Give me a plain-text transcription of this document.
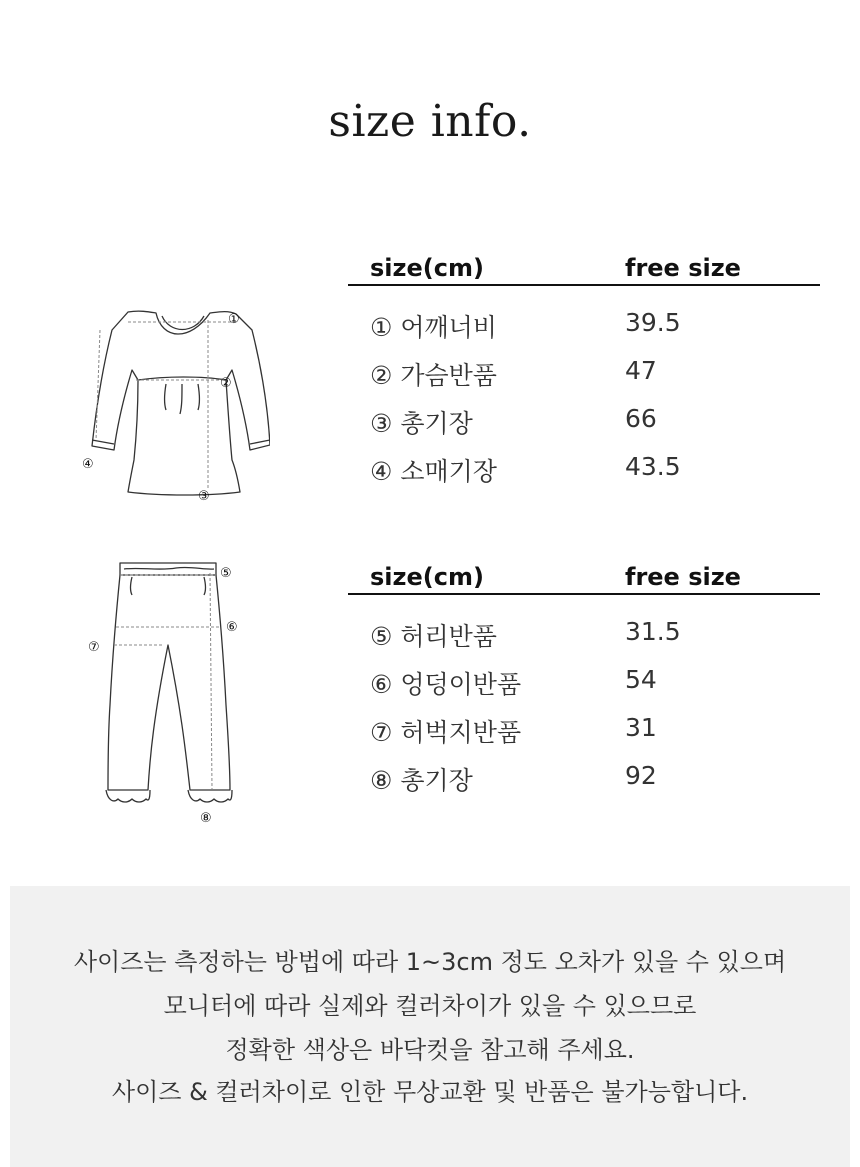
size info.
①
②
③
④
size(cm)	free size
① 어깨너비	39.5
② 가슴반품	47
③ 총기장	66
④ 소매기장	43.5
⑤
⑥
⑦
⑧
size(cm)	free size
⑤ 허리반품	31.5
⑥ 엉덩이반품	54
⑦ 허벅지반품	31
⑧ 총기장	92
사이즈는 측정하는 방법에 따라 1~3cm 정도 오차가 있을 수 있으며
모니터에 따라 실제와 컬러차이가 있을 수 있으므로
정확한 색상은 바닥컷을 참고해 주세요.
사이즈 & 컬러차이로 인한 무상교환 및 반품은 불가능합니다.
